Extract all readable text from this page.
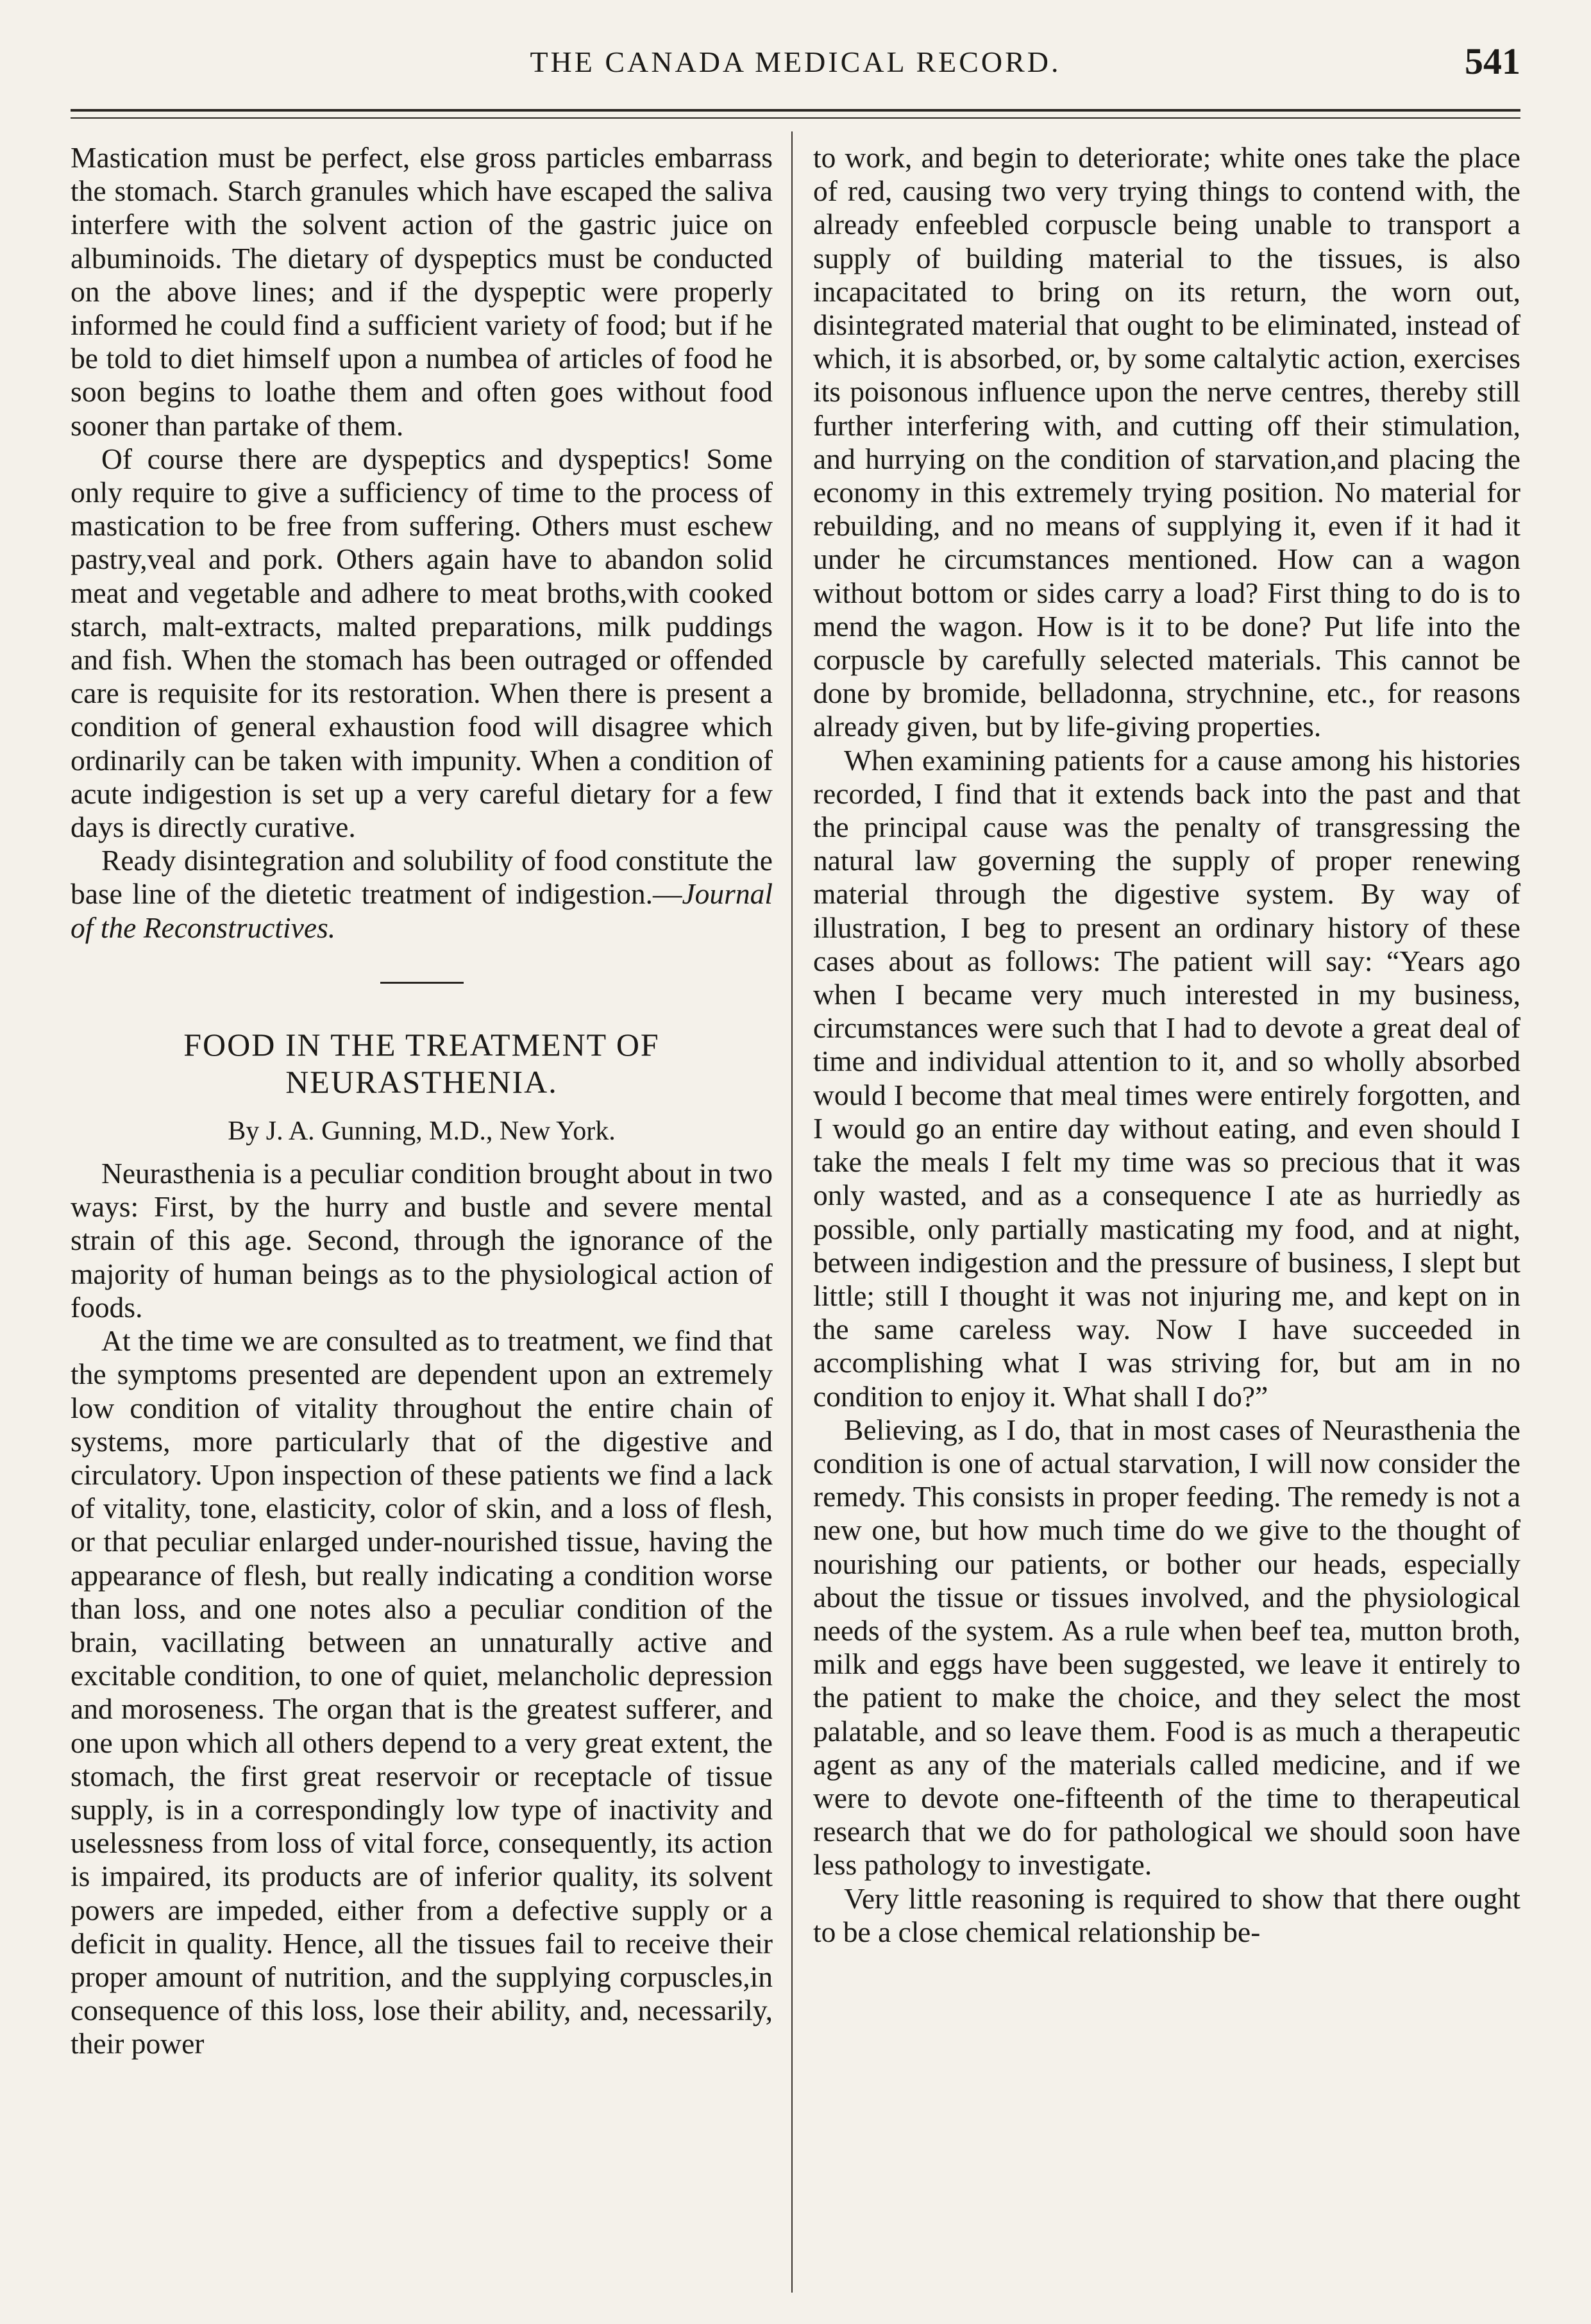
THE CANADA MEDICAL RECORD.	541

Mastication must be perfect, else gross particles embarrass the stomach. Starch granules which have escaped the saliva interfere with the solvent action of the gastric juice on albuminoids. The dietary of dyspeptics must be conducted on the above lines; and if the dyspeptic were properly informed he could find a sufficient variety of food; but if he be told to diet himself upon a numbea of articles of food he soon begins to loathe them and often goes without food sooner than partake of them.

Of course there are dyspeptics and dyspeptics! Some only require to give a sufficiency of time to the process of mastication to be free from suffering. Others must eschew pastry,veal and pork. Others again have to abandon solid meat and vegetable and adhere to meat broths,with cooked starch, malt-extracts, malted preparations, milk puddings and fish. When the stomach has been outraged or offended care is requisite for its restoration. When there is present a condition of general exhaustion food will disagree which ordinarily can be taken with impunity. When a condition of acute indigestion is set up a very careful dietary for a few days is directly curative.

Ready disintegration and solubility of food constitute the base line of the dietetic treatment of indigestion.—Journal of the Reconstructives.

FOOD IN THE TREATMENT OF NEURASTHENIA.
By J. A. Gunning, M.D., New York.

Neurasthenia is a peculiar condition brought about in two ways: First, by the hurry and bustle and severe mental strain of this age. Second, through the ignorance of the majority of human beings as to the physiological action of foods.

At the time we are consulted as to treatment, we find that the symptoms presented are dependent upon an extremely low condition of vitality throughout the entire chain of systems, more particularly that of the digestive and circulatory. Upon inspection of these patients we find a lack of vitality, tone, elasticity, color of skin, and a loss of flesh, or that peculiar enlarged under-nourished tissue, having the appearance of flesh, but really indicating a condition worse than loss, and one notes also a peculiar condition of the brain, vacillating between an unnaturally active and excitable condition, to one of quiet, melancholic depression and moroseness. The organ that is the greatest sufferer, and one upon which all others depend to a very great extent, the stomach, the first great reservoir or receptacle of tissue supply, is in a correspondingly low type of inactivity and uselessness from loss of vital force, consequently, its action is impaired, its products are of inferior quality, its solvent powers are impeded, either from a defective supply or a deficit in quality. Hence, all the tissues fail to receive their proper amount of nutrition, and the supplying corpuscles,in consequence of this loss, lose their ability, and, necessarily, their power

to work, and begin to deteriorate; white ones take the place of red, causing two very trying things to contend with, the already enfeebled corpuscle being unable to transport a supply of building material to the tissues, is also incapacitated to bring on its return, the worn out, disintegrated material that ought to be eliminated, instead of which, it is absorbed, or, by some caltalytic action, exercises its poisonous influence upon the nerve centres, thereby still further interfering with, and cutting off their stimulation, and hurrying on the condition of starvation,and placing the economy in this extremely trying position. No material for rebuilding, and no means of supplying it, even if it had it under he circumstances mentioned. How can a wagon without bottom or sides carry a load? First thing to do is to mend the wagon. How is it to be done? Put life into the corpuscle by carefully selected materials. This cannot be done by bromide, belladonna, strychnine, etc., for reasons already given, but by life-giving properties.

When examining patients for a cause among his histories recorded, I find that it extends back into the past and that the principal cause was the penalty of transgressing the natural law governing the supply of proper renewing material through the digestive system. By way of illustration, I beg to present an ordinary history of these cases about as follows: The patient will say: “Years ago when I became very much interested in my business, circumstances were such that I had to devote a great deal of time and individual attention to it, and so wholly absorbed would I become that meal times were entirely forgotten, and I would go an entire day without eating, and even should I take the meals I felt my time was so precious that it was only wasted, and as a consequence I ate as hurriedly as possible, only partially masticating my food, and at night, between indigestion and the pressure of business, I slept but little; still I thought it was not injuring me, and kept on in the same careless way. Now I have succeeded in accomplishing what I was striving for, but am in no condition to enjoy it. What shall I do?”

Believing, as I do, that in most cases of Neurasthenia the condition is one of actual starvation, I will now consider the remedy. This consists in proper feeding. The remedy is not a new one, but how much time do we give to the thought of nourishing our patients, or bother our heads, especially about the tissue or tissues involved, and the physiological needs of the system. As a rule when beef tea, mutton broth, milk and eggs have been suggested, we leave it entirely to the patient to make the choice, and they select the most palatable, and so leave them. Food is as much a therapeutic agent as any of the materials called medicine, and if we were to devote one-fifteenth of the time to therapeutical research that we do for pathological we should soon have less pathology to investigate.

Very little reasoning is required to show that there ought to be a close chemical relationship be-
